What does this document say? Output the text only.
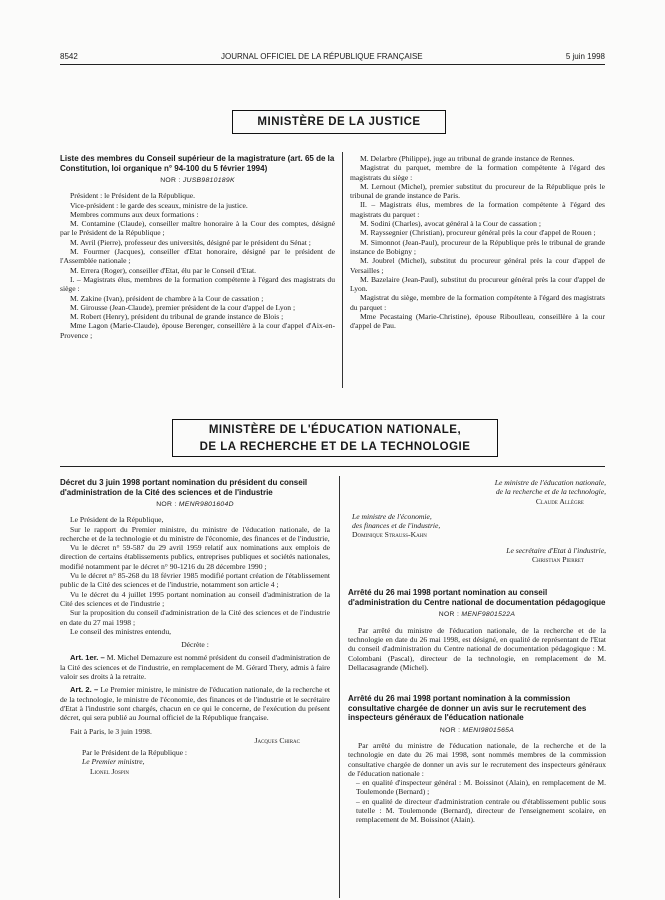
8542	JOURNAL OFFICIEL DE LA RÉPUBLIQUE FRANÇAISE	5 juin 1998
MINISTÈRE DE LA JUSTICE
Liste des membres du Conseil supérieur de la magistrature (art. 65 de la Constitution, loi organique n° 94-100 du 5 février 1994)
NOR : JUSB9810189K

Président : le Président de la République.

Vice-président : le garde des sceaux, ministre de la justice.

Membres communs aux deux formations :

M. Contamine (Claude), conseiller maître honoraire à la Cour des comptes, désigné par le Président de la République ;

M. Avril (Pierre), professeur des universités, désigné par le président du Sénat ;

M. Fourmer (Jacques), conseiller d'Etat honoraire, désigné par le président de l'Assemblée nationale ;

M. Errera (Roger), conseiller d'Etat, élu par le Conseil d'Etat.

I. – Magistrats élus, membres de la formation compétente à l'égard des magistrats du siège :

M. Zakine (Ivan), président de chambre à la Cour de cassation ;

M. Girousse (Jean-Claude), premier président de la cour d'appel de Lyon ;

M. Robert (Henry), président du tribunal de grande instance de Blois ;

Mme Lagon (Marie-Claude), épouse Berenger, conseillère à la cour d'appel d'Aix-en-Provence ;

M. Delarbre (Philippe), juge au tribunal de grande instance de Rennes.

Magistrat du parquet, membre de la formation compétente à l'égard des magistrats du siège :

M. Lernout (Michel), premier substitut du procureur de la République près le tribunal de grande instance de Paris.

II. – Magistrats élus, membres de la formation compétente à l'égard des magistrats du parquet :

M. Sodini (Charles), avocat général à la Cour de cassation ;

M. Rayssegnier (Christian), procureur général près la cour d'appel de Rouen ;

M. Simonnot (Jean-Paul), procureur de la République près le tribunal de grande instance de Bobigny ;

M. Joubrel (Michel), substitut du procureur général près la cour d'appel de Versailles ;

M. Bazelaire (Jean-Paul), substitut du procureur général près la cour d'appel de Lyon.

Magistrat du siège, membre de la formation compétente à l'égard des magistrats du parquet :

Mme Pecastaing (Marie-Christine), épouse Riboulleau, conseillère à la cour d'appel de Pau.

MINISTÈRE DE L'ÉDUCATION NATIONALE,
DE LA RECHERCHE ET DE LA TECHNOLOGIE
Décret du 3 juin 1998 portant nomination du président du conseil d'administration de la Cité des sciences et de l'industrie
NOR : MENR9801604D

Le Président de la République,

Sur le rapport du Premier ministre, du ministre de l'éducation nationale, de la recherche et de la technologie et du ministre de l'économie, des finances et de l'industrie,

Vu le décret n° 59-587 du 29 avril 1959 relatif aux nominations aux emplois de direction de certains établissements publics, entreprises publiques et sociétés nationales, modifié notamment par le décret n° 90-1216 du 28 décembre 1990 ;

Vu le décret n° 85-268 du 18 février 1985 modifié portant création de l'établissement public de la Cité des sciences et de l'industrie, notamment son article 4 ;

Vu le décret du 4 juillet 1995 portant nomination au conseil d'administration de la Cité des sciences et de l'industrie ;

Sur la proposition du conseil d'administration de la Cité des sciences et de l'industrie en date du 27 mai 1998 ;

Le conseil des ministres entendu,

Décrète :

Art. 1er. – M. Michel Demazure est nommé président du conseil d'administration de la Cité des sciences et de l'industrie, en remplacement de M. Gérard Thery, admis à faire valoir ses droits à la retraite.

Art. 2. – Le Premier ministre, le ministre de l'éducation nationale, de la recherche et de la technologie, le ministre de l'économie, des finances et de l'industrie et le secrétaire d'Etat à l'industrie sont chargés, chacun en ce qui le concerne, de l'exécution du présent décret, qui sera publié au Journal officiel de la République française.

Fait à Paris, le 3 juin 1998.

Jacques Chirac

Par le Président de la République :

Le Premier ministre,

Lionel Jospin

Le ministre de l'éducation nationale,
de la recherche et de la technologie,
Claude Allègre
Le ministre de l'économie,
des finances et de l'industrie,
Dominique Strauss-Kahn
Le secrétaire d'Etat à l'industrie,
Christian Pierret
Arrêté du 26 mai 1998 portant nomination au conseil d'administration du Centre national de documentation pédagogique
NOR : MENF9801522A

Par arrêté du ministre de l'éducation nationale, de la recherche et de la technologie en date du 26 mai 1998, est désigné, en qualité de représentant de l'Etat du conseil d'administration du Centre national de documentation pédagogique : M. Colombani (Pascal), directeur de la technologie, en remplacement de M. Dellacasagrande (Michel).

Arrêté du 26 mai 1998 portant nomination à la commission consultative chargée de donner un avis sur le recrutement des inspecteurs généraux de l'éducation nationale
NOR : MENI9801565A

Par arrêté du ministre de l'éducation nationale, de la recherche et de la technologie en date du 26 mai 1998, sont nommés membres de la commission consultative chargée de donner un avis sur le recrutement des inspecteurs généraux de l'éducation nationale :

– en qualité d'inspecteur général : M. Boissinot (Alain), en remplacement de M. Toulemonde (Bernard) ;

– en qualité de directeur d'administration centrale ou d'établissement public sous tutelle : M. Toulemonde (Bernard), directeur de l'enseignement scolaire, en remplacement de M. Boissinot (Alain).
